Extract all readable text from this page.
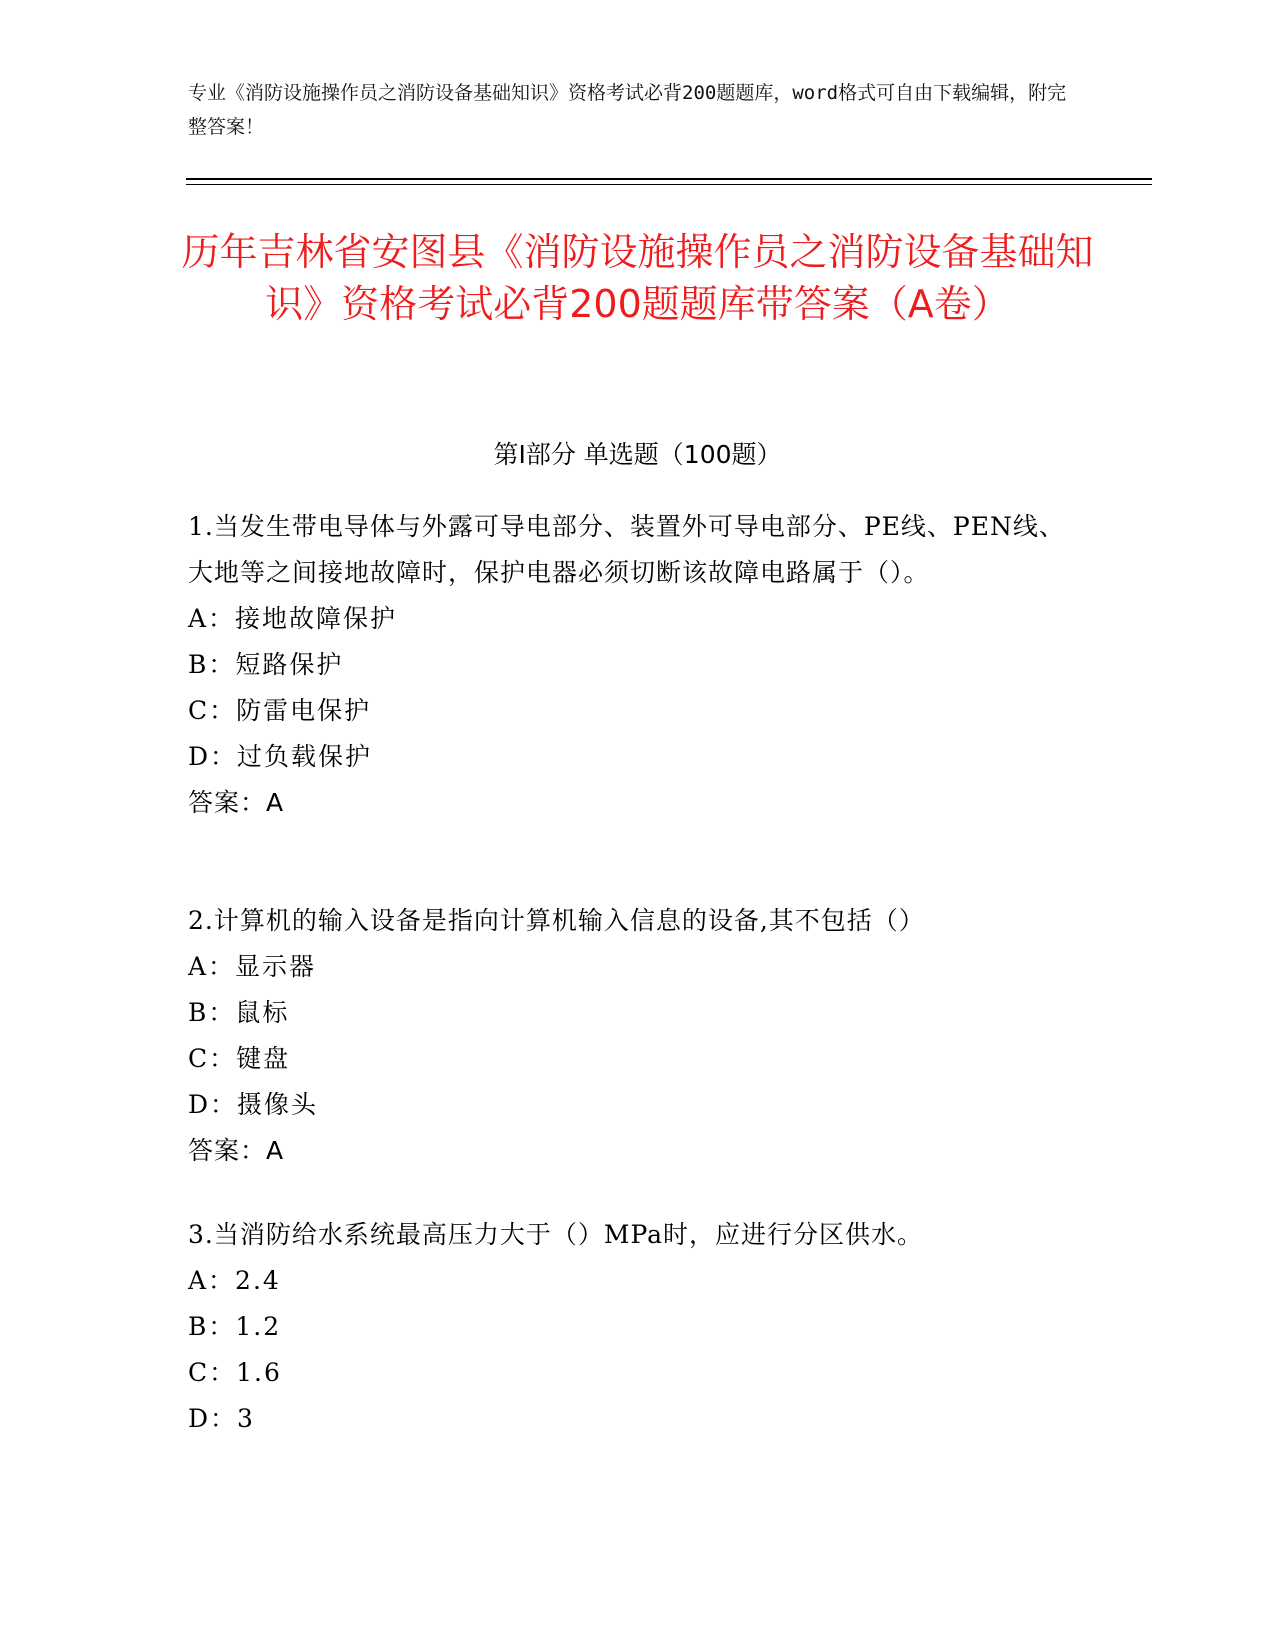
专业《消防设施操作员之消防设备基础知识》资格考试必背200题题库，word格式可自由下载编辑，附完整答案！
历年吉林省安图县《消防设施操作员之消防设备基础知识》资格考试必背200题题库带答案（A卷）
第I部分 单选题（100题）
1.当发生带电导体与外露可导电部分、装置外可导电部分、PE线、PEN线、大地等之间接地故障时，保护电器必须切断该故障电路属于（）。
A：接地故障保护
B：短路保护
C：防雷电保护
D：过负载保护
答案：A
2.计算机的输入设备是指向计算机输入信息的设备,其不包括（）
A：显示器
B：鼠标
C：键盘
D：摄像头
答案：A
3.当消防给水系统最高压力大于（）MPa时，应进行分区供水。
A：2.4
B：1.2
C：1.6
D：3
